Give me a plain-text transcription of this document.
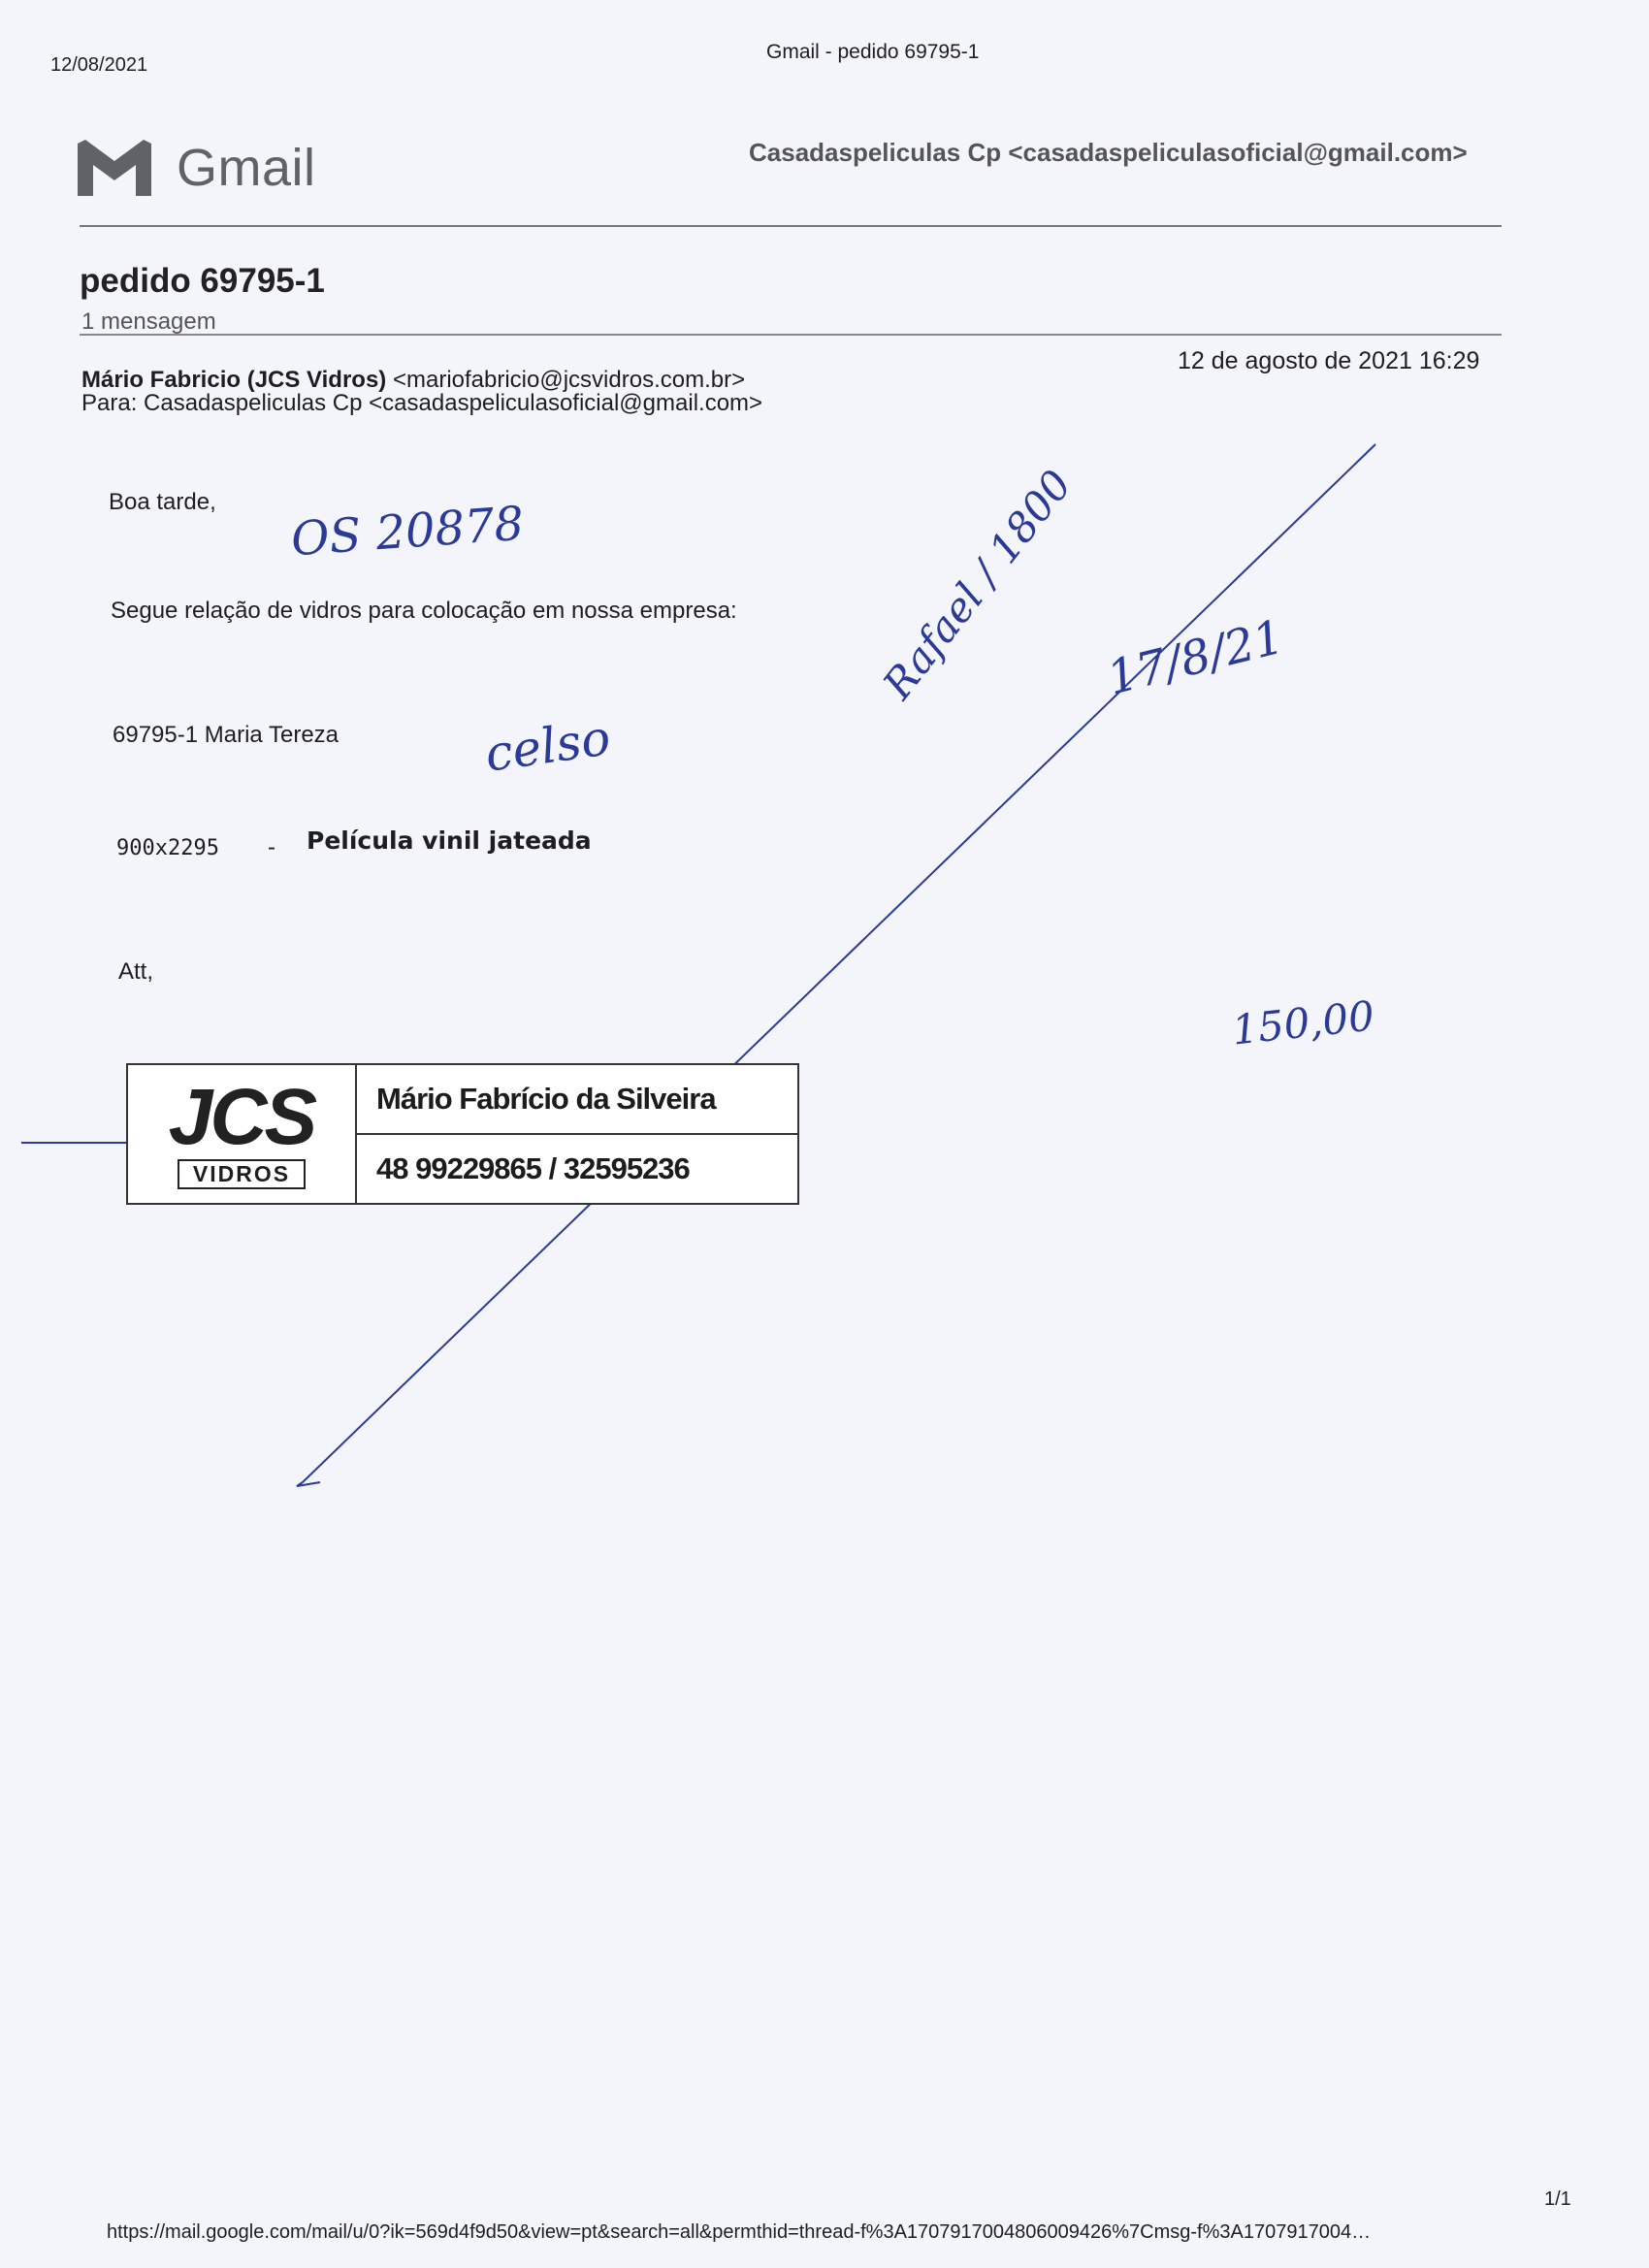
12/08/2021
Gmail - pedido 69795-1
Gmail	Casadaspeliculas Cp <casadaspeliculasoficial@gmail.com>
pedido 69795-1
1 mensagem
Mário Fabricio (JCS Vidros) <mariofabricio@jcsvidros.com.br>
Para: Casadaspeliculas Cp <casadaspeliculasoficial@gmail.com>
12 de agosto de 2021 16:29
Boa tarde,
Segue relação de vidros para colocação em nossa empresa:
69795-1 Maria Tereza
900x2295 - Película vinil jateada
Att,
JCS
VIDROS
Mário Fabrício da Silveira
48 99229865 / 32595236
OS 20878
celso
Rafael / 1800 17/8/21
150,00
https://mail.google.com/mail/u/0?ik=569d4f9d50&view=pt&search=all&permthid=thread-f%3A1707917004806009426%7Cmsg-f%3A1707917004…
1/1
